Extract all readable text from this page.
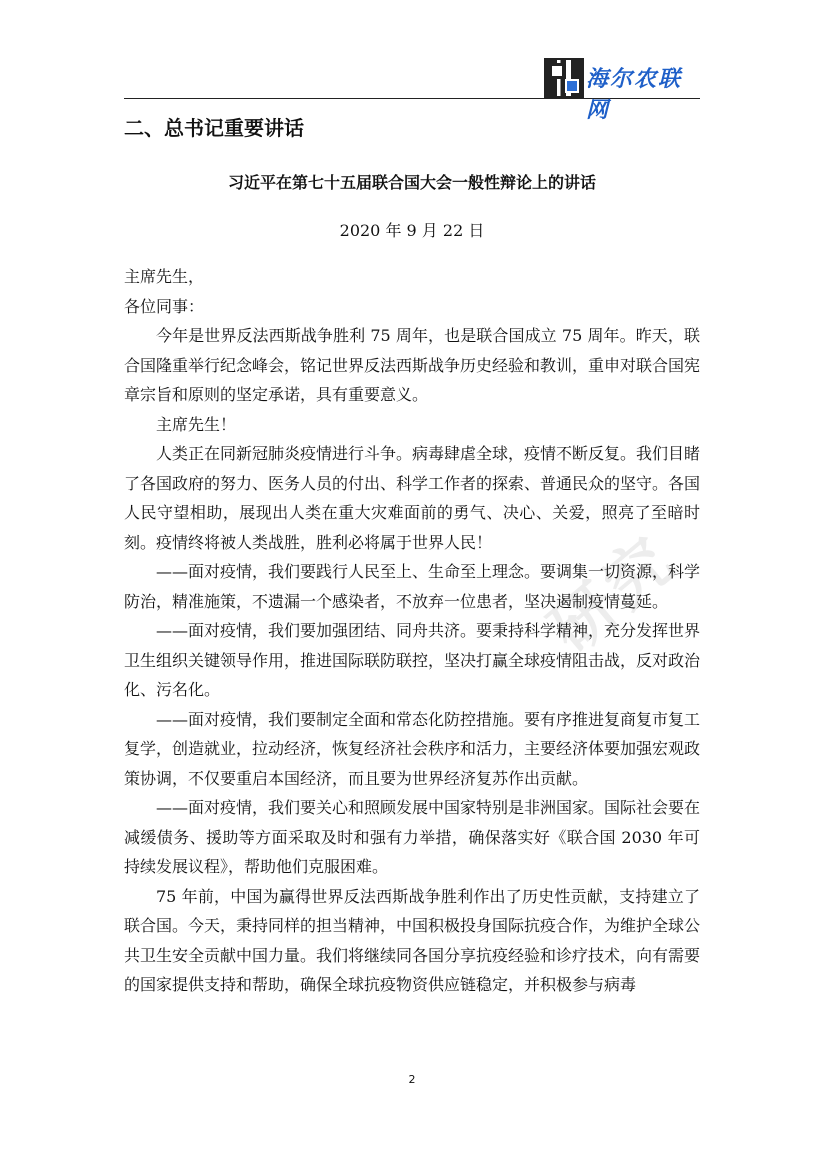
海尔农联网
二、总书记重要讲话
习近平在第七十五届联合国大会一般性辩论上的讲话
2020 年 9 月 22 日
研究

主席先生，

各位同事：

今年是世界反法西斯战争胜利 75 周年，也是联合国成立 75 周年。昨天，联合国隆重举行纪念峰会，铭记世界反法西斯战争历史经验和教训，重申对联合国宪章宗旨和原则的坚定承诺，具有重要意义。

主席先生！

人类正在同新冠肺炎疫情进行斗争。病毒肆虐全球，疫情不断反复。我们目睹了各国政府的努力、医务人员的付出、科学工作者的探索、普通民众的坚守。各国人民守望相助，展现出人类在重大灾难面前的勇气、决心、关爱，照亮了至暗时刻。疫情终将被人类战胜，胜利必将属于世界人民！

——面对疫情，我们要践行人民至上、生命至上理念。要调集一切资源，科学防治，精准施策，不遗漏一个感染者，不放弃一位患者，坚决遏制疫情蔓延。

——面对疫情，我们要加强团结、同舟共济。要秉持科学精神，充分发挥世界卫生组织关键领导作用，推进国际联防联控，坚决打赢全球疫情阻击战，反对政治化、污名化。

——面对疫情，我们要制定全面和常态化防控措施。要有序推进复商复市复工复学，创造就业，拉动经济，恢复经济社会秩序和活力，主要经济体要加强宏观政策协调，不仅要重启本国经济，而且要为世界经济复苏作出贡献。

——面对疫情，我们要关心和照顾发展中国家特别是非洲国家。国际社会要在减缓债务、援助等方面采取及时和强有力举措，确保落实好《联合国 2030 年可持续发展议程》，帮助他们克服困难。

75 年前，中国为赢得世界反法西斯战争胜利作出了历史性贡献，支持建立了联合国。今天，秉持同样的担当精神，中国积极投身国际抗疫合作，为维护全球公共卫生安全贡献中国力量。我们将继续同各国分享抗疫经验和诊疗技术，向有需要的国家提供支持和帮助，确保全球抗疫物资供应链稳定，并积极参与病毒

2
